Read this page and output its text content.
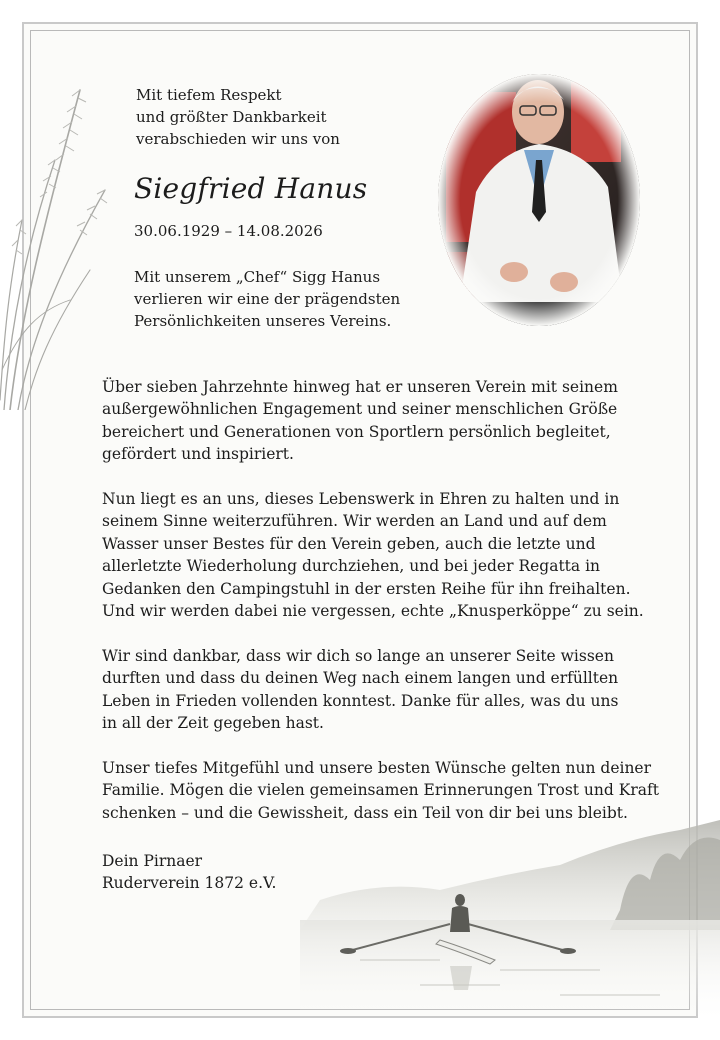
Mit tiefem Respekt
und größter Dankbarkeit
verabschieden wir uns von
Siegfried Hanus
30.06.1929 – 14.08.2026
Mit unserem „Chef“ Sigg Hanus
verlieren wir eine der prägendsten
Persönlichkeiten unseres Vereins.
Über sieben Jahrzehnte hinweg hat er unseren Verein mit seinem
außergewöhnlichen Engagement und seiner menschlichen Größe
bereichert und Generationen von Sportlern persönlich begleitet,
gefördert und inspiriert.
Nun liegt es an uns, dieses Lebenswerk in Ehren zu halten und in
seinem Sinne weiterzuführen. Wir werden an Land und auf dem
Wasser unser Bestes für den Verein geben, auch die letzte und
allerletzte Wiederholung durchziehen, und bei jeder Regatta in
Gedanken den Campingstuhl in der ersten Reihe für ihn freihalten.
Und wir werden dabei nie vergessen, echte „Knusperköppe“ zu sein.
Wir sind dankbar, dass wir dich so lange an unserer Seite wissen
durften und dass du deinen Weg nach einem langen und erfüllten
Leben in Frieden vollenden konntest. Danke für alles, was du uns
in all der Zeit gegeben hast.
Unser tiefes Mitgefühl und unsere besten Wünsche gelten nun deiner
Familie. Mögen die vielen gemeinsamen Erinnerungen Trost und Kraft
schenken – und die Gewissheit, dass ein Teil von dir bei uns bleibt.
Dein Pirnaer
Ruderverein 1872 e.V.
